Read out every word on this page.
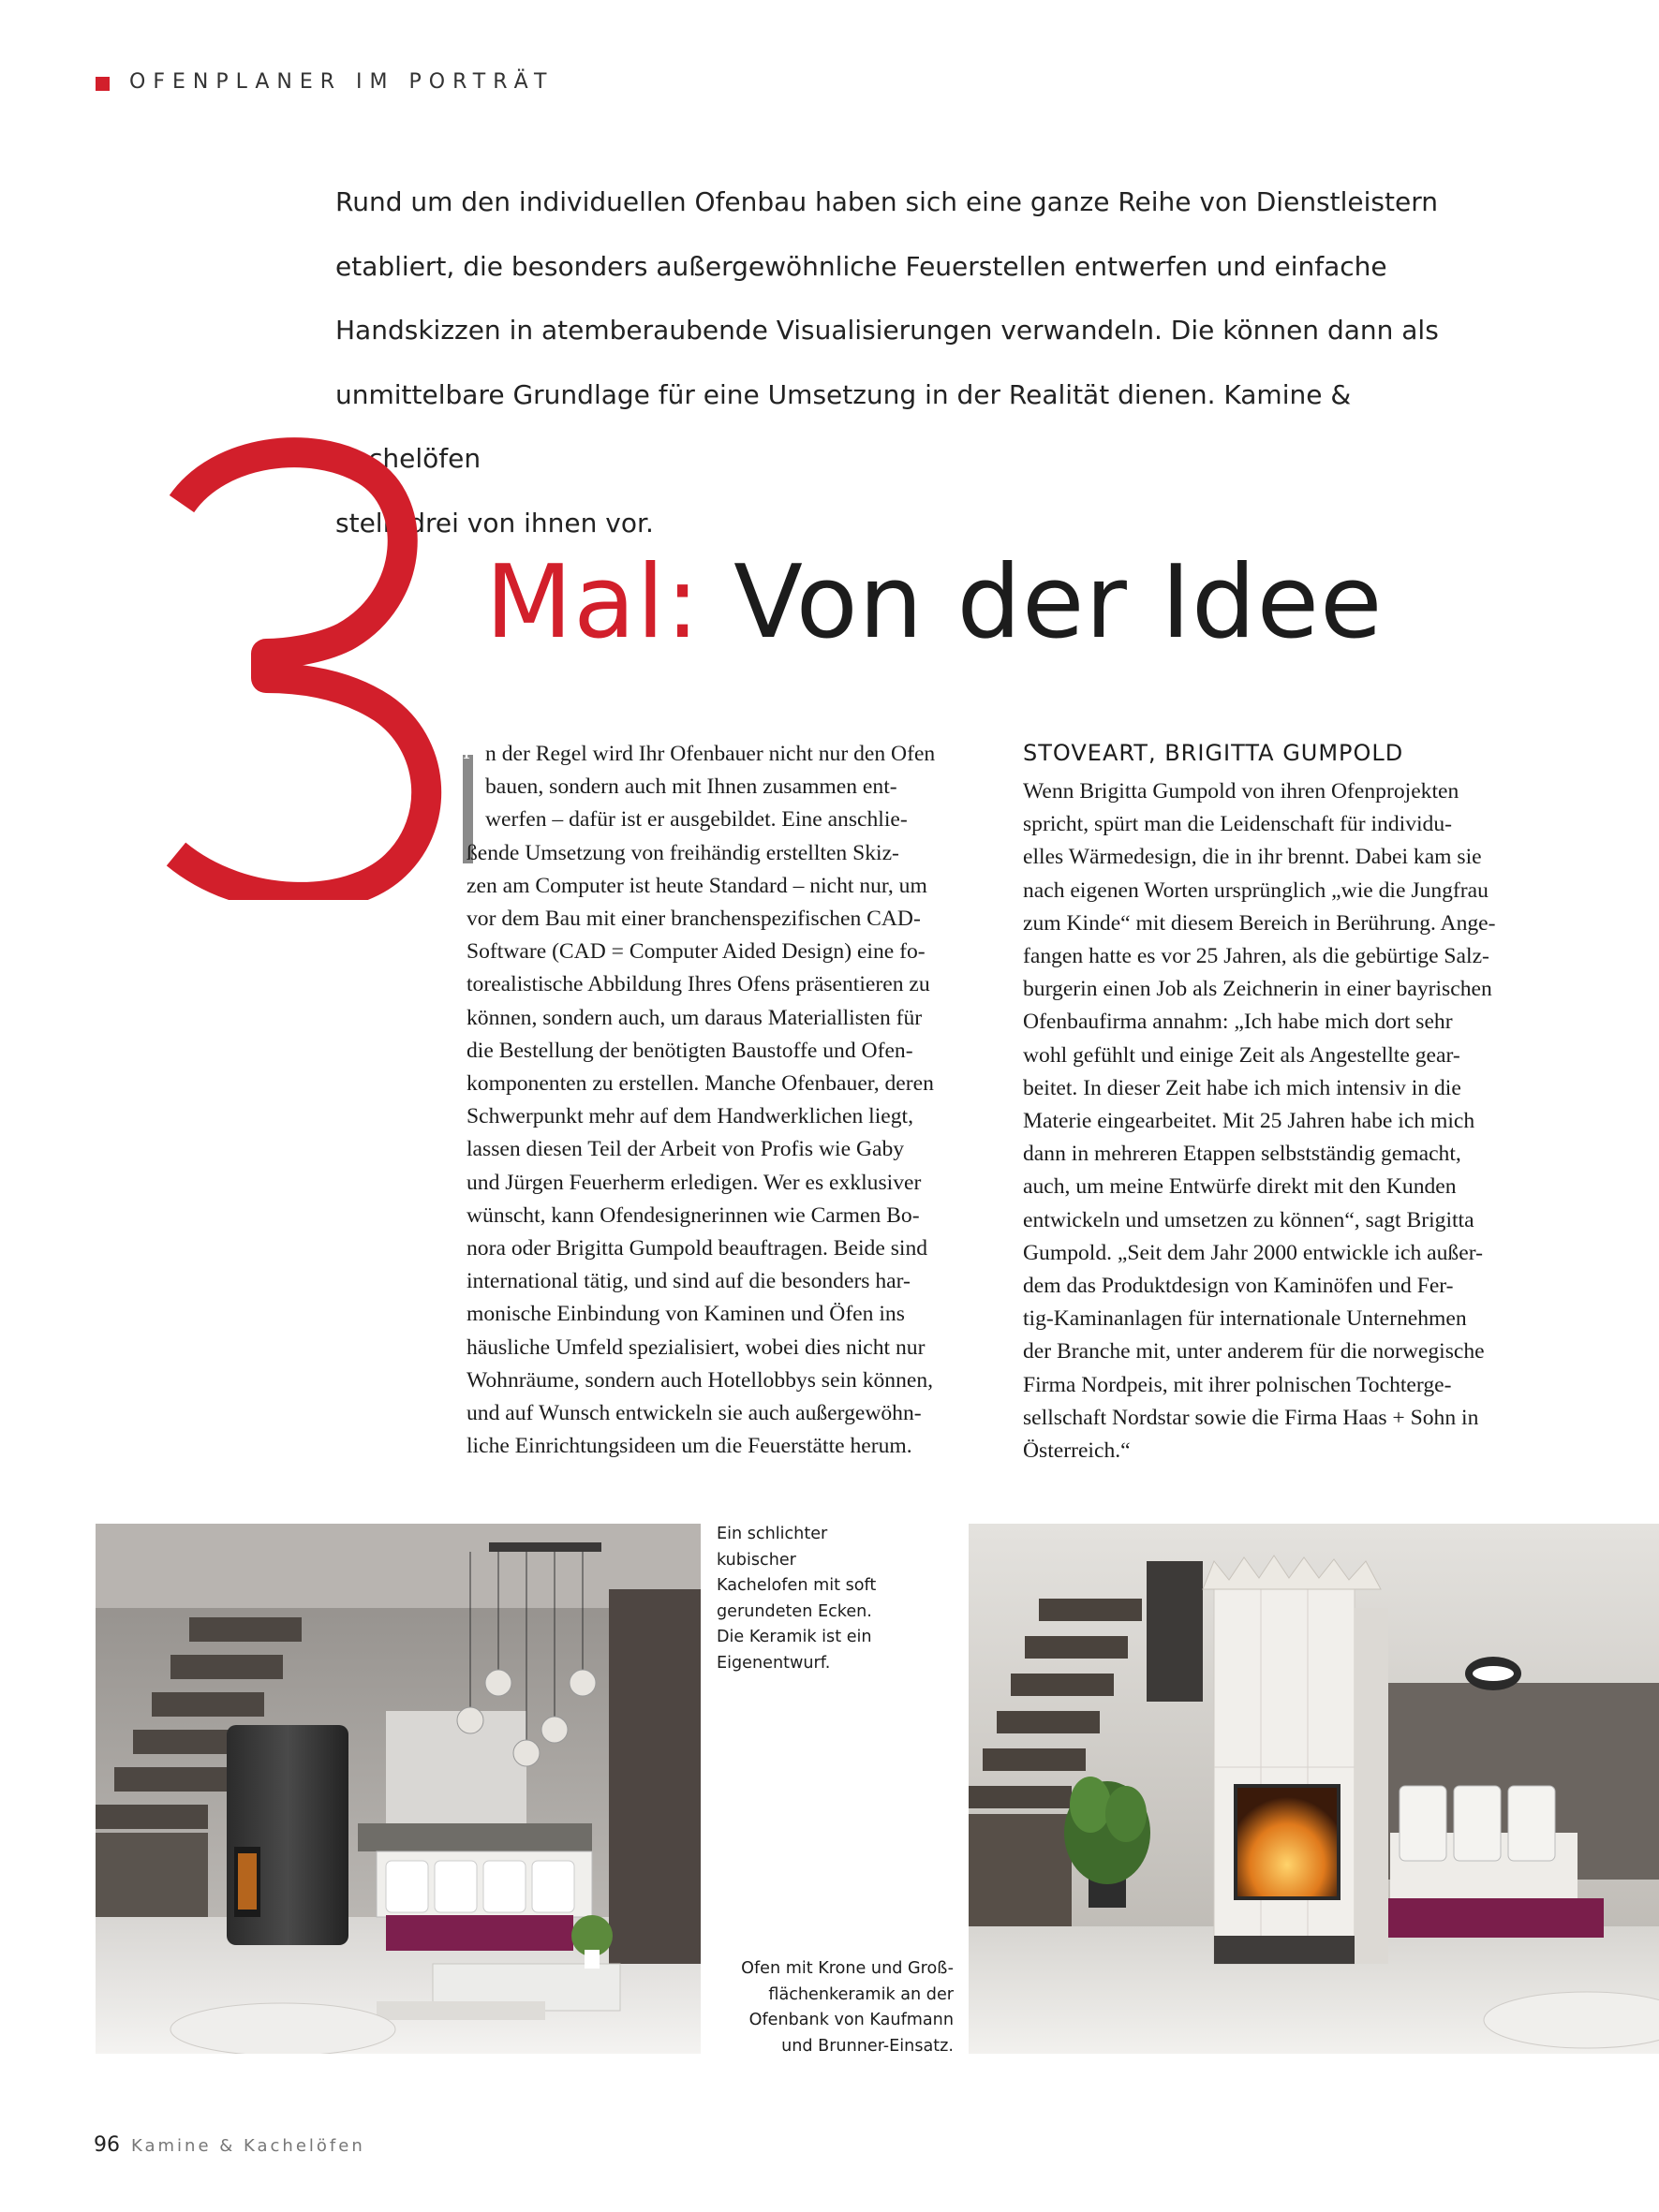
OFENPLANER IM PORTRÄT
Rund um den individuellen Ofenbau haben sich eine ganze Reihe von Dienstleistern
etabliert, die besonders außergewöhnliche Feuerstellen entwerfen und einfache
Handskizzen in atemberaubende Visualisierungen verwandeln. Die können dann als
unmittelbare Grundlage für eine Umsetzung in der Realität dienen. Kamine & Kachelöfen
stellt drei von ihnen vor.
Mal: Von der Idee
I n der Regel wird Ihr Ofenbauer nicht nur den Ofen
bauen, sondern auch mit Ihnen zusammen ent-
werfen – dafür ist er ausgebildet. Eine anschlie-
ßende Umsetzung von freihändig erstellten Skiz-
zen am Computer ist heute Standard – nicht nur, um
vor dem Bau mit einer branchenspezifischen CAD-
Software (CAD = Computer Aided Design) eine fo-
torealistische Abbildung Ihres Ofens präsentieren zu
können, sondern auch, um daraus Materiallisten für
die Bestellung der benötigten Baustoffe und Ofen-
komponenten zu erstellen. Manche Ofenbauer, deren
Schwerpunkt mehr auf dem Handwerklichen liegt,
lassen diesen Teil der Arbeit von Profis wie Gaby
und Jürgen Feuerherm erledigen. Wer es exklusiver
wünscht, kann Ofendesignerinnen wie Carmen Bo-
nora oder Brigitta Gumpold beauftragen. Beide sind
international tätig, und sind auf die besonders har-
monische Einbindung von Kaminen und Öfen ins
häusliche Umfeld spezialisiert, wobei dies nicht nur
Wohnräume, sondern auch Hotellobbys sein können,
und auf Wunsch entwickeln sie auch außergewöhn-
liche Einrichtungsideen um die Feuerstätte herum.
STOVEART, BRIGITTA GUMPOLD
Wenn Brigitta Gumpold von ihren Ofenprojekten
spricht, spürt man die Leidenschaft für individu-
elles Wärmedesign, die in ihr brennt. Dabei kam sie
nach eigenen Worten ursprünglich „wie die Jungfrau
zum Kinde“ mit diesem Bereich in Berührung. Ange-
fangen hatte es vor 25 Jahren, als die gebürtige Salz-
burgerin einen Job als Zeichnerin in einer bayrischen
Ofenbaufirma annahm: „Ich habe mich dort sehr
wohl gefühlt und einige Zeit als Angestellte gear-
beitet. In dieser Zeit habe ich mich intensiv in die
Materie eingearbeitet. Mit 25 Jahren habe ich mich
dann in mehreren Etappen selbstständig gemacht,
auch, um meine Entwürfe direkt mit den Kunden
entwickeln und umsetzen zu können“, sagt Brigitta
Gumpold. „Seit dem Jahr 2000 entwickle ich außer-
dem das Produktdesign von Kaminöfen und Fer-
tig-Kaminanlagen für internationale Unternehmen
der Branche mit, unter anderem für die norwegische
Firma Nordpeis, mit ihrer polnischen Tochterge-
sellschaft Nordstar sowie die Firma Haas + Sohn in
Österreich.“
Ein schlichter kubischer
Kachelofen mit soft
gerundeten Ecken.
Die Keramik ist ein
Eigenentwurf.
Ofen mit Krone und Groß-
flächenkeramik an der
Ofenbank von Kaufmann
und Brunner-Einsatz.
96 Kamine & Kachelöfen
